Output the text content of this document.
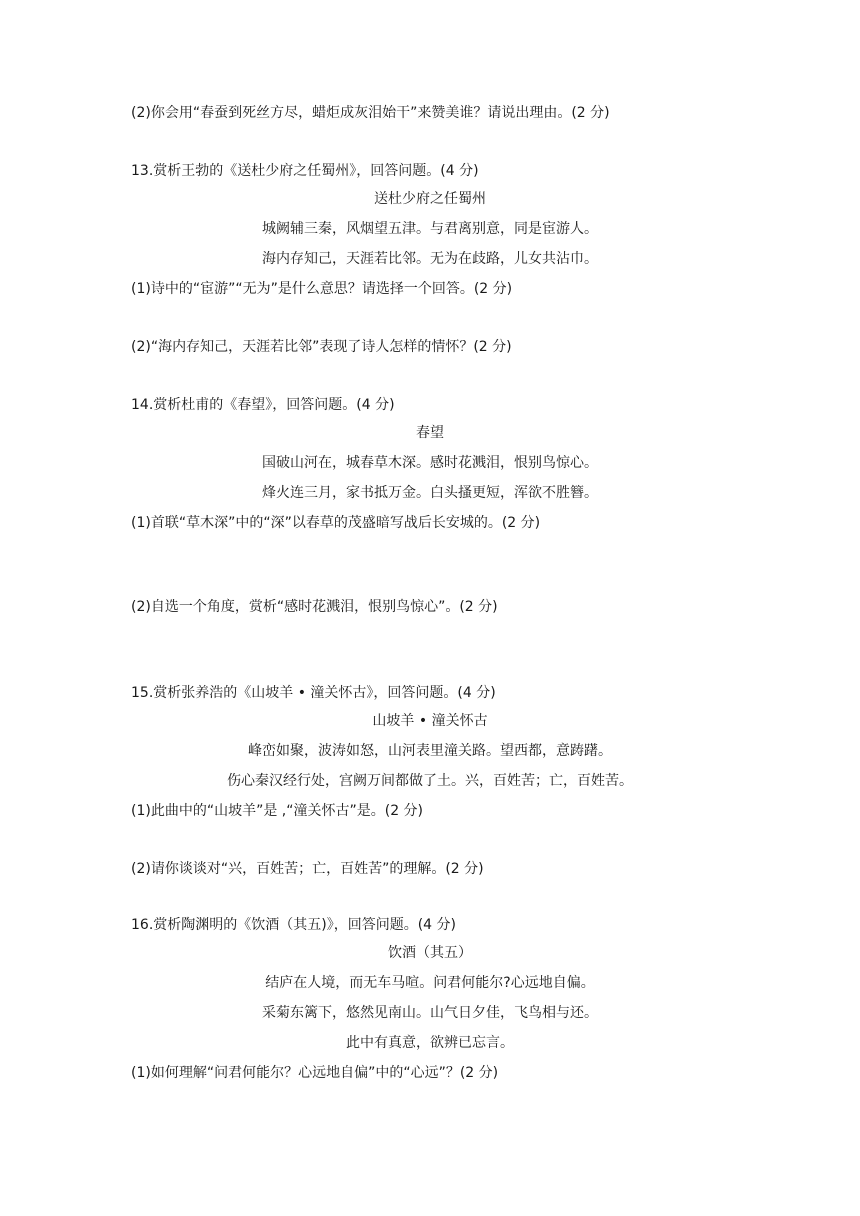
(2)你会用“春蚕到死丝方尽，蜡炬成灰泪始干”来赞美谁？请说出理由。(2 分)
13.赏析王勃的《送杜少府之任蜀州》，回答问题。(4 分)
送杜少府之任蜀州
城阙辅三秦，风烟望五津。与君离别意，同是宦游人。
海内存知己，天涯若比邻。无为在歧路，儿女共沾巾。
(1)诗中的“宦游”“无为”是什么意思？请选择一个回答。(2 分)
(2)“海内存知己，天涯若比邻”表现了诗人怎样的情怀？(2 分)
14.赏析杜甫的《春望》，回答问题。(4 分)
春望
国破山河在，城春草木深。感时花溅泪，恨别鸟惊心。
烽火连三月，家书抵万金。白头搔更短，浑欲不胜簪。
(1)首联“草木深”中的“深”以春草的茂盛暗写战后长安城的。(2 分)
(2)自选一个角度，赏析“感时花溅泪，恨别鸟惊心”。(2 分)
15.赏析张养浩的《山坡羊 • 潼关怀古》，回答问题。(4 分)
山坡羊 • 潼关怀古
峰峦如聚，波涛如怒，山河表里潼关路。望西都，意踌躇。
伤心秦汉经行处，宫阙万间都做了土。兴，百姓苦；亡，百姓苦。
(1)此曲中的“山坡羊”是 ,“潼关怀古”是。(2 分)
(2)请你谈谈对“兴，百姓苦；亡，百姓苦”的理解。(2 分)
16.赏析陶渊明的《饮酒（其五)》，回答问题。(4 分)
饮酒（其五）
结庐在人境，而无车马喧。问君何能尔?心远地自偏。
采菊东篱下，悠然见南山。山气日夕佳，飞鸟相与还。
此中有真意，欲辨已忘言。
(1)如何理解“问君何能尔？心远地自偏”中的“心远”？(2 分)
